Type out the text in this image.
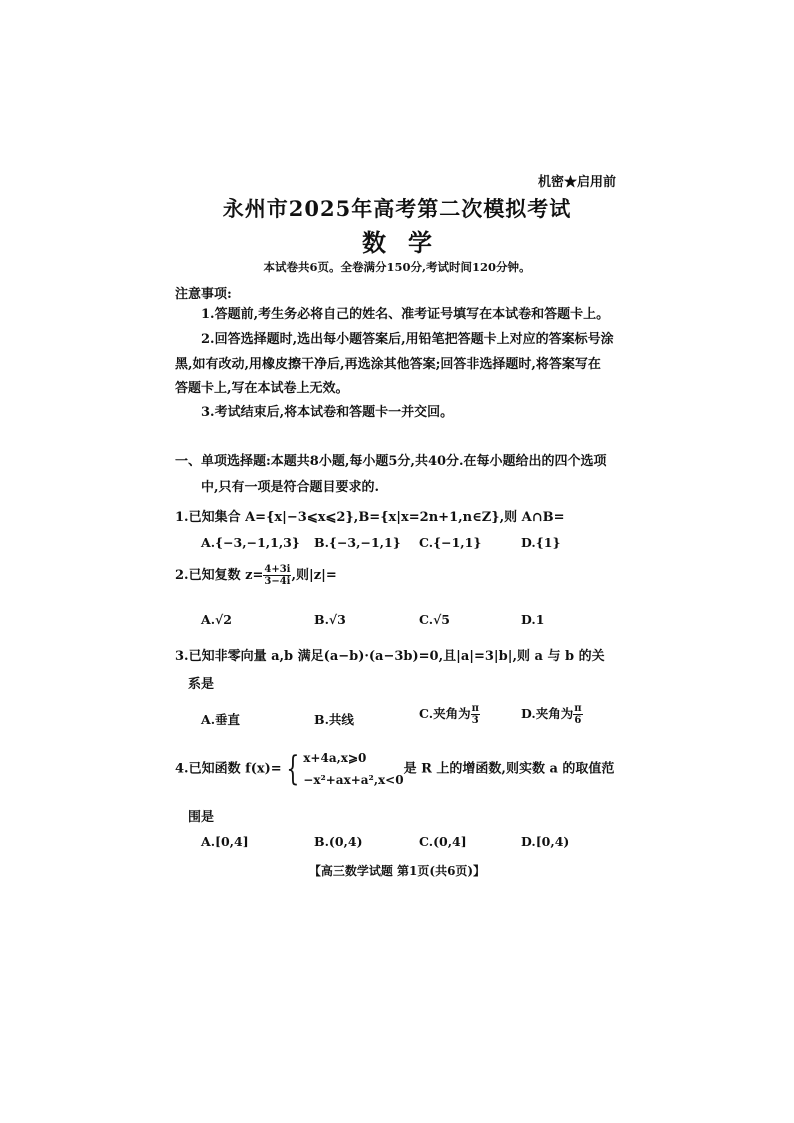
机密★启用前
永州市2025年高考第二次模拟考试
数学
本试卷共6页。全卷满分150分,考试时间120分钟。
注意事项:
1.答题前,考生务必将自己的姓名、准考证号填写在本试卷和答题卡上。
2.回答选择题时,选出每小题答案后,用铅笔把答题卡上对应的答案标号涂
黑,如有改动,用橡皮擦干净后,再选涂其他答案;回答非选择题时,将答案写在
答题卡上,写在本试卷上无效。
3.考试结束后,将本试卷和答题卡一并交回。
一、单项选择题:本题共8小题,每小题5分,共40分.在每小题给出的四个选项
中,只有一项是符合题目要求的.
1.已知集合 A={x|−3⩽x⩽2},B={x|x=2n+1,n∈Z},则 A∩B=
A.{−3,−1,1,3} B.{−3,−1,1} C.{−1,1}	D.{1}
2.已知复数 $z= \frac{4+3i}{3-4i}$ ,则|z|=
A.√2	B.√3	C.√5	D.1
3.已知非零向量 a,b 满足(a−b)·(a−3b)=0,且|a|=3|b|,则 a 与 b 的关
系是
A.垂直	B.共线	C.夹角为 $\frac{\pi}{3}$	D.夹角为 $\frac{\pi}{6}$
4.已知函数 f(x)= { x+4a,x⩾0
−x²+ax+a²,x<0
是 R 上的增函数,则实数 a 的取值范
围是
A.[0,4]	B.(0,4)	C.(0,4]	D.[0,4)
【高三数学试题 第1页(共6页)】
